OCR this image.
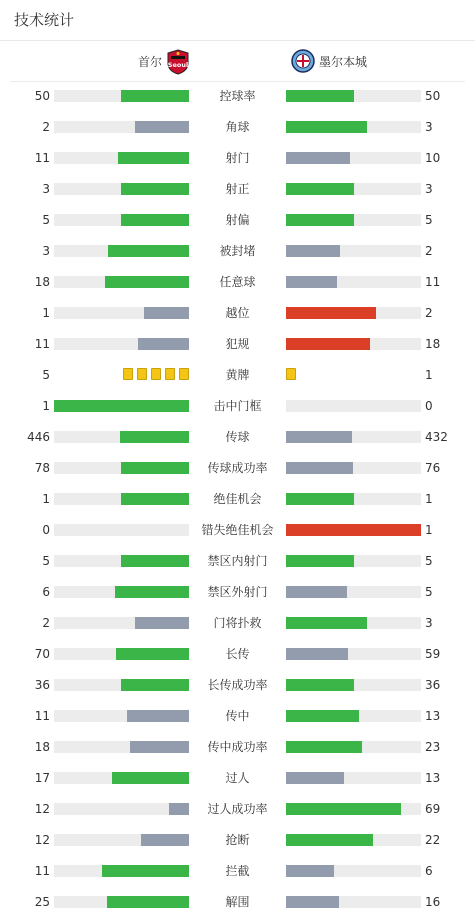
技术统计
首尔	墨尔本城
Seoul
50	控球率	50
2	角球	3
11	射门	10
3	射正	3
5	射偏	5
3	被封堵	2
18	任意球	11
1	越位	2
11	犯规	18
5	黄牌	1
1	击中门框	0
446	传球	432
78	传球成功率	76
1	绝佳机会	1
0	错失绝佳机会	1
5	禁区内射门	5
6	禁区外射门	5
2	门将扑救	3
70	长传	59
36	长传成功率	36
11	传中	13
18	传中成功率	23
17	过人	13
12	过人成功率	69
12	抢断	22
11	拦截	6
25	解围	16
